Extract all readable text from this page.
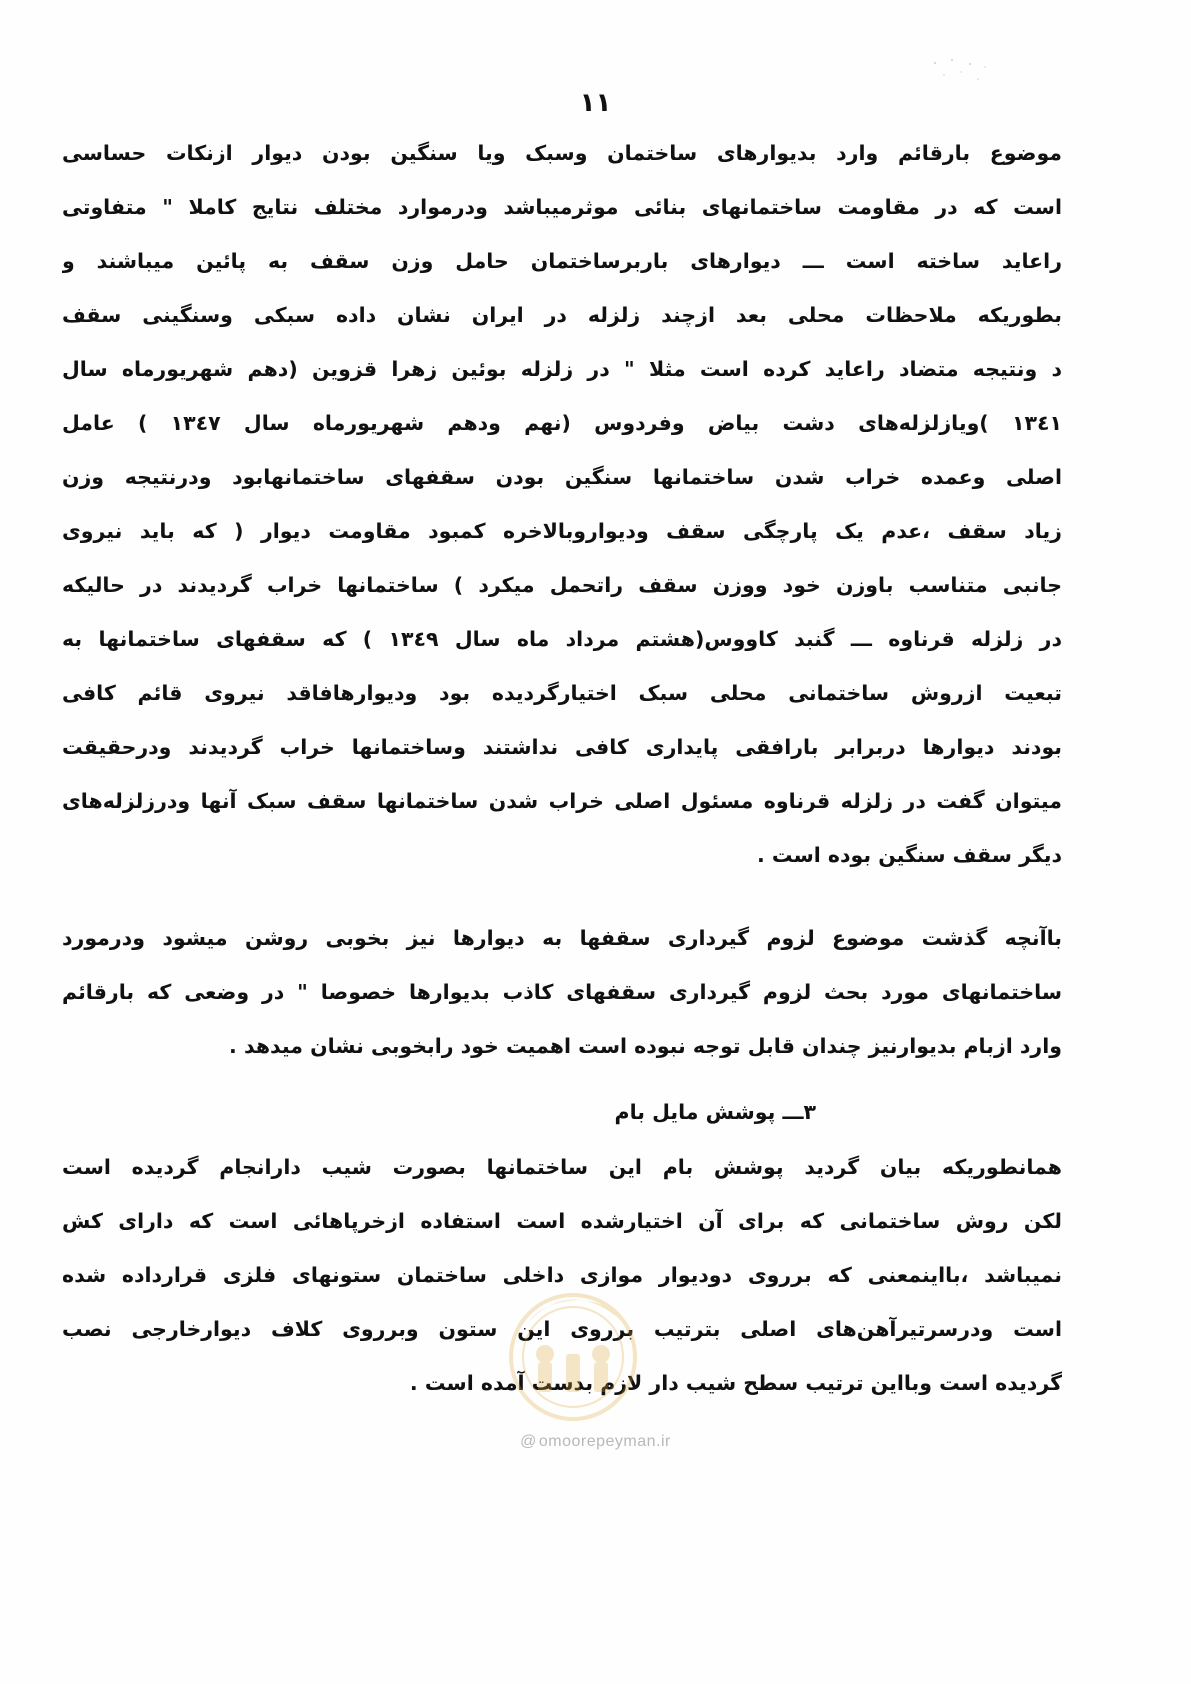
۱۱
موضوع بارقائم وارد بدیوارهای ساختمان وسبک ویا سنگین بودن دیوار ازنکات حساسی
است که در مقاومت ساختمانهای بنائی موثرمیباشد ودرموارد مختلف نتایج کاملا " متفاوتی
راعاید ساخته است ـــ دیوارهای باربرساختمان حامل وزن سقف به پائین میباشند و
بطوریکه ملاحظات محلی بعد ازچند زلزله در ایران نشان داده سبکی وسنگینی سقف
د ونتیجه متضاد راعاید کرده است مثلا " در زلزله بوئین زهرا قزوین (دهم شهریورماه سال
۱۳٤۱ )ویازلزله‌های دشت بیاض وفردوس (نهم ودهم شهریورماه سال ۱۳٤۷ ) عامل
اصلی وعمده خراب شدن ساختمانها سنگین بودن سقفهای ساختمانهابود ودرنتیجه وزن
زیاد سقف ،عدم یک پارچگی سقف ودیواروبالاخره کمبود مقاومت دیوار ( که باید نیروی
جانبی متناسب باوزن خود ووزن سقف راتحمل میکرد ) ساختمانها خراب گردیدند در حالیکه
در زلزله قرناوه ـــ گنبد کاووس(هشتم مرداد ماه سال ۱۳٤۹ ) که سقفهای ساختمانها به
تبعیت ازروش ساختمانی محلی سبک اختیارگردیده بود ودیوارهافاقد نیروی قائم کافی
بودند دیوارها دربرابر بارافقی پایداری کافی نداشتند وساختمانها خراب گردیدند ودرحقیقت
میتوان گفت در زلزله قرناوه مسئول اصلی خراب شدن ساختمانها سقف سبک آنها ودرزلزله‌های
دیگر سقف سنگین بوده است .
باآنچه گذشت موضوع لزوم گیرداری سقفها به دیوارها نیز بخوبی روشن میشود ودرمورد
ساختمانهای مورد بحث لزوم گیرداری سقفهای کاذب بدیوارها خصوصا " در وضعی که بارقائم
وارد ازبام بدیوارنیز چندان قابل توجه نبوده است اهمیت خود رابخوبی نشان میدهد .
۳ـــ پوشش مایل بام
همانطوریکه بیان گردید پوشش بام این ساختمانها بصورت شیب دارانجام گردیده است
لکن روش ساختمانی که برای آن اختیارشده است استفاده ازخرپاهائی است که دارای کش
نمیباشد ،بااینمعنی که برروی دودیوار موازی داخلی ساختمان ستونهای فلزی قرارداده شده
است ودرسرتیرآهن‌های اصلی بترتیب برروی این ستون وبرروی کلاف دیوارخارجی نصب
گردیده است وبااین ترتیب سطح شیب دار لازم بدست آمده است .
@ omoorepeyman.ir
